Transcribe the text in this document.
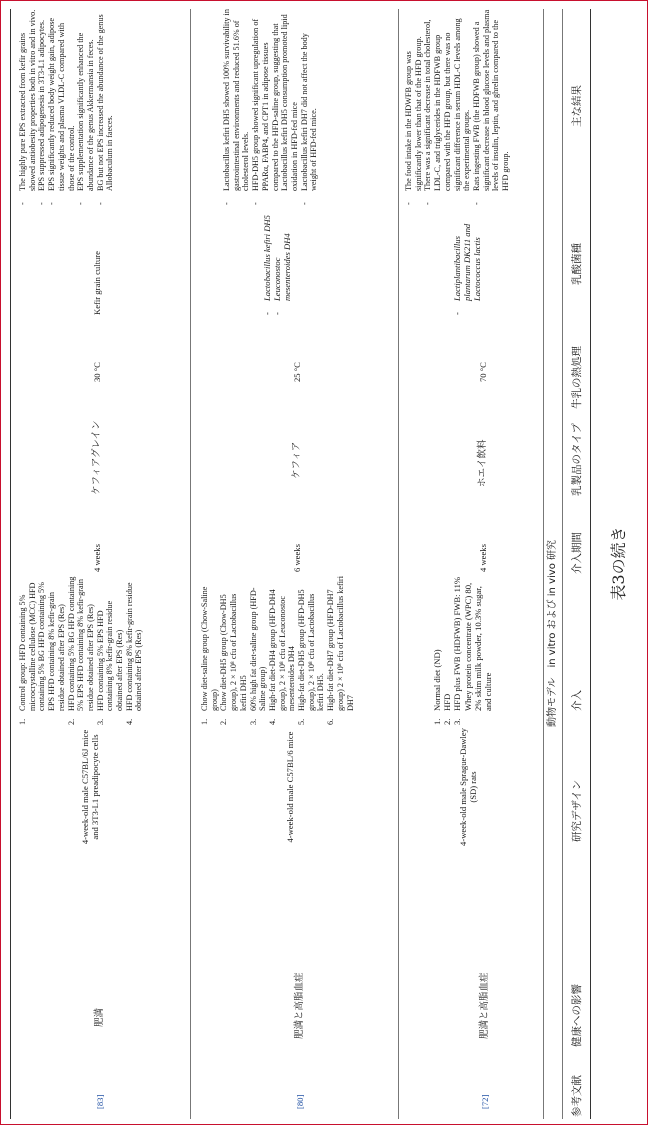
表3の続き
参考文献
健康への影響
研究デザイン
介入
介入期間
乳製品のタイプ
牛乳の熱処理
乳酸菌種
主な結果
動物モデル　in vitro および in vivo 研究
[72]
肥満と高脂血症
4-week-old male Sprague-Dawley (SD) rats
1.
Normal diet (ND)
2.
HFD
3.
HFD plus FWB (HDFWB) FWB: 11% Whey protein concentrate (WPC) 80, 2% skim milk powder, 10.3% sugar, and culture
4 weeks
ホエイ飲料
70 °C
-
Lactiplantibacillus plantarum DK211 and Lactococcus lactis
-
The food intake in the HDWFB group was significantly lower than that of the HFD group.
-
There was a significant decrease in total cholesterol, LDL-C, and triglycerides in the HDFWB group compared with the HFD group, but there was no significant difference in serum HDL-C levels among the experimental groups.
-
Rats ingesting FWB (the HDFWB group) showed a significant decrease in blood glucose levels and plasma levels of insulin, leptin, and ghrelin compared to the HFD group.
[80]
肥満と高脂血症
4-week-old male C57BL/6 mice
1.
Chow diet-saline group (Chow-Saline group)
2.
Chow diet-DH5 group (Chow-DH5 group), 2 × 10⁸ cfu of Lactobacillus kefiri DH5
3.
60% high fat diet-saline group (HFD-Saline group)
4.
High-fat diet-DH4 group (HFD-DH4 group), 2 × 10⁸ cfu of Leuconostoc mesenteroides DH4
5.
High-fat diet-DH5 group (HFD-DH5 group), 2 × 10⁸ cfu of Lactobacillus kefiri DH5.
6.
High-fat diet-DH7 group (HFD-DH7 group) 2 × 10⁸ cfu of Lactobacillus kefiri DH7
6 weeks
ケフィア
25 °C
-
Lactobacillus kefiri DH5
-
Leuconostoc mesenteroides DH4
-
Lactobacillus kefiri DH5 showed 100% survivability in gastrointestinal environments and reduced 51.6% of cholesterol levels.
-
HFD-DH5 group showed significant upregulation of PPARα, FABP4, and CPT1 in adipose tissues compared to the HFD-saline group, suggesting that Lactobacillus kefiri DH5 consumption promoted lipid oxidation in HFD-fed mice
-
Lactobacillus kefiri DH7 did not affect the body weight of HFD-fed mice.
[83]
肥満
4-week-old male C57BL/6J mice and 3T3-L1 preadipocyte cells
1.
Control group: HFD containing 5% microcrystalline cellulose (MCC) HFD containing 5% BG HFD containing 5% EPS HFD containing 8% kefir-grain residue obtained after EPS (Res)
2.
HFD containing 5% BG HFD containing 5% EPS HFD containing 8% kefir-grain residue obtained after EPS (Res)
3.
HFD containing 5% EPS HFD containing 8% kefir-grain residue obtained after EPS (Res)
4.
HFD containing 8% kefir-grain residue obtained after EPS (Res)
4 weeks
ケフィアグレイン
30 °C
Kefir grain culture
-
The highly pure EPS extracted from kefir grains showed antiobesity properties both in vitro and in vivo.
-
EPS suppressed adipogenesis in 3T3-L1 adipocytes.
-
EPS significantly reduced body weight gain, adipose tissue weights and plasma VLDL-C compared with those of the control.
-
EPS supplementation significantly enhanced the abundance of the genus Akkermansia in feces.
-
BG but not EPS increased the abundance of the genus Allobaculum in faeces.
